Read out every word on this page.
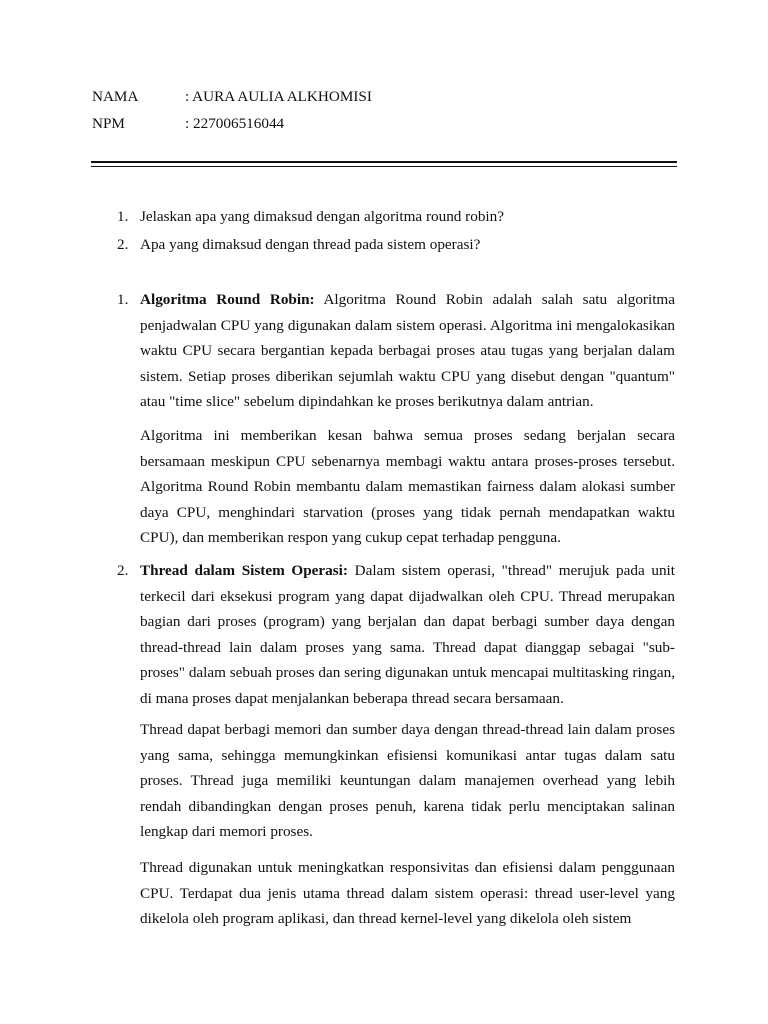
NAMA	: AURA AULIA ALKHOMISI
NPM	: 227006516044
1. Jelaskan apa yang dimaksud dengan algoritma round robin?
2. Apa yang dimaksud dengan thread pada sistem operasi?
1. Algoritma Round Robin: Algoritma Round Robin adalah salah satu algoritma penjadwalan CPU yang digunakan dalam sistem operasi. Algoritma ini mengalokasikan waktu CPU secara bergantian kepada berbagai proses atau tugas yang berjalan dalam sistem. Setiap proses diberikan sejumlah waktu CPU yang disebut dengan "quantum" atau "time slice" sebelum dipindahkan ke proses berikutnya dalam antrian.

Algoritma ini memberikan kesan bahwa semua proses sedang berjalan secara bersamaan meskipun CPU sebenarnya membagi waktu antara proses-proses tersebut. Algoritma Round Robin membantu dalam memastikan fairness dalam alokasi sumber daya CPU, menghindari starvation (proses yang tidak pernah mendapatkan waktu CPU), dan memberikan respon yang cukup cepat terhadap pengguna.

2. Thread dalam Sistem Operasi: Dalam sistem operasi, "thread" merujuk pada unit terkecil dari eksekusi program yang dapat dijadwalkan oleh CPU. Thread merupakan bagian dari proses (program) yang berjalan dan dapat berbagi sumber daya dengan thread-thread lain dalam proses yang sama. Thread dapat dianggap sebagai "sub-proses" dalam sebuah proses dan sering digunakan untuk mencapai multitasking ringan, di mana proses dapat menjalankan beberapa thread secara bersamaan.

Thread dapat berbagi memori dan sumber daya dengan thread-thread lain dalam proses yang sama, sehingga memungkinkan efisiensi komunikasi antar tugas dalam satu proses. Thread juga memiliki keuntungan dalam manajemen overhead yang lebih rendah dibandingkan dengan proses penuh, karena tidak perlu menciptakan salinan lengkap dari memori proses.

Thread digunakan untuk meningkatkan responsivitas dan efisiensi dalam penggunaan CPU. Terdapat dua jenis utama thread dalam sistem operasi: thread user-level yang dikelola oleh program aplikasi, dan thread kernel-level yang dikelola oleh sistem
